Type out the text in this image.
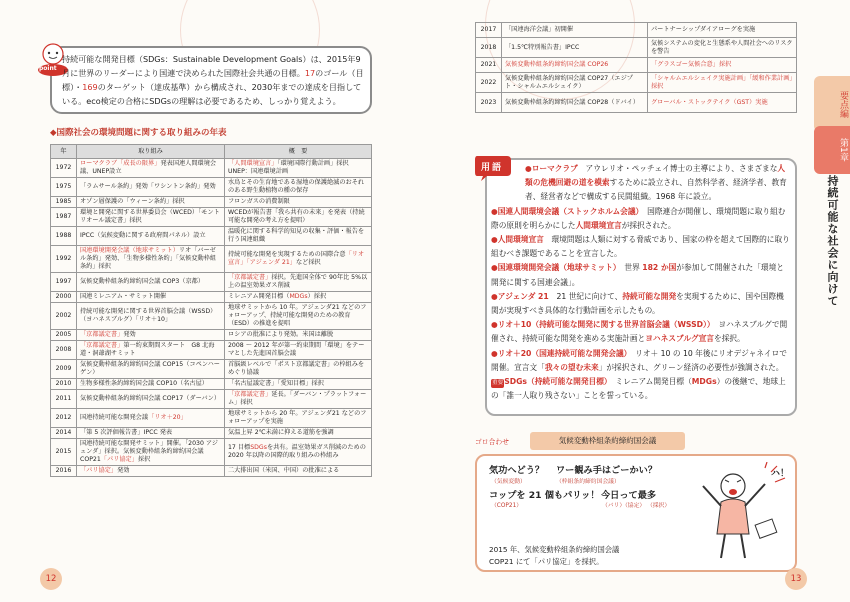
point
持続可能な開発目標（SDGs：Sustainable Development Goals）は、2015年9月に世界のリーダーにより国連で決められた国際社会共通の目標。17のゴール（目標）・169のターゲット（達成基準）から構成され、2030年までの達成を目指している。eco検定の合格にSDGsの理解は必要であるため、しっかり覚えよう。
◆国際社会の環境問題に関する取り組みの年表
年	取り組み	概　要
1972	ローマクラブ「成長の限界」発表国連人間環境会議、UNEP設立	「人間環境宣言」「環境国際行動計画」採択　UNEP：国連環境計画
1975	「ラムサール条約」発効「ワシントン条約」発効	水鳥とその生育地である湿地の保護絶滅のおそれのある野生動植物の種の保存
1985	オゾン層保護の「ウィーン条約」採択	フロンガスの消費制限
1987	環境と開発に関する世界委員会（WCED）「モントリオール議定書」採択	WCEDが報告書「我ら共有の未来」を発表（持続可能な開発の考え方を提唱）
1988	IPCC（気候変動に関する政府間パネル）設立	温暖化に関する科学的知見の収集・評価・報告を行う国連組織
1992	国連環境開発会議（地球サミット）リオ「バーゼル条約」発効、「生物多様性条約」「気候変動枠組条約」採択	持続可能な開発を実現するための国際合意「リオ宣言」「アジェンダ 21」など採択
1997	気候変動枠組条約締約国会議 COP3（京都）	「京都議定書」採択。先進国全体で 90年比 5%以上の温室効果ガス削減
2000	国連ミレニアム・サミット開催	ミレニアム開発目標（MDGs）採択
2002	持続可能な開発に関する世界首脳会議（WSSD）（ヨハネスブルグ）「リオ＋10」	地球サミットから 10 年。アジェンダ21 などのフォローアップ、持続可能な開発のための教育（ESD）の推進を提唱
2005	「京都議定書」発効	ロシアの批准により発効。米国は離脱
2008	「京都議定書」第一約束期間スタート　G8 北海道・洞爺湖サミット	2008 ～ 2012 年が第一約束期間「環境」をテーマとした先進国首脳会議
2009	気候変動枠組条約締約国会議 COP15（コペンハーゲン）	首脳級レベルで「ポスト京都議定書」の枠組みをめぐり協議
2010	生物多様性条約締約国会議 COP10（名古屋）	「名古屋議定書」「愛知目標」採択
2011	気候変動枠組条約締約国会議 COP17（ダーバン）	「京都議定書」延長。「ダーバン・プラットフォーム」採択
2012	国連持続可能な開発会議「リオ＋20」	地球サミットから 20 年。アジェンダ21 などのフォローアップを実施
2014	「第 5 次評価報告書」IPCC 発表	気温上昇 2℃未満に抑える道筋を強調
2015	国連持続可能な開発サミット」開催。「2030 アジェンダ」採択。気候変動枠組条約締約国会議 COP21「パリ協定」採択	17 目標SDGsを共有。温室効果ガス削減のための 2020 年以降の国際的取り組みの枠組み
2016	「パリ協定」発効	二大排出国（米国、中国）の批准による
12
2017	「国連海洋会議」初開催	パートナーシップダイアローグを実施
2018	「1.5℃特別報告書」IPCC	気候システムの変化と生態系や人間社会へのリスクを警告
2021	気候変動枠組条約締約国会議 COP26	「グラスゴー気候合意」採択
2022	気候変動枠組条約締約国会議 COP27（エジプト・シャルムエルシェイク）	「シャルムエルシェイク実施計画」「緩和作業計画」採択
2023	気候変動枠組条約締約国会議 COP28（ドバイ）	グローバル・ストックテイク（GST）実施
用語	●ローマクラブ　アウレリオ・ペッチェイ博士の主導により、さまざまな人類の危機回避の道を模索するために設立され、自然科学者、経済学者、教育者、経営者などで構成する民間組織。1968 年に設立。
●国連人間環境会議（ストックホルム会議）　国際連合が開催し、環境問題に取り組む際の原則を明らかにした人間環境宣言が採択された。
●人間環境宣言　環境問題は人類に対する脅威であり、国家の枠を超えて国際的に取り組むべき課題であることを宣言した。
●国連環境開発会議（地球サミット）　世界 182 か国が参加して開催された「環境と開発に関する国連会議」。
●アジェンダ 21　21 世紀に向けて、持続可能な開発を実現するために、国や国際機関が実現すべき具体的な行動計画を示したもの。
●リオ＋10（持続可能な開発に関する世界首脳会議（WSSD））　ヨハネスブルグで開催され、持続可能な開発を進める実施計画とヨハネスブルグ宣言を採択。
●リオ＋20（国連持続可能な開発会議）　リオ＋ 10 の 10 年後にリオデジャネイロで開催。宣言文「我々の望む未来」が採択され、グリーン経済の必要性が強調された。
重要SDGs（持続可能な開発目標）　ミレニアム開発目標（MDGs）の後継で、地球上の「誰一人取り残さない」ことを誓っている。
ゴロ合わせ	気候変動枠組条約締約国会議
気功へどう？ ワー観み手はごーかい？
（気候変動）	（枠組条約締約国会議）
コップを 21 個もパリッ！ 今日って最多
（COP21）	（パリ）
（協定） （採択）
2015 年、気候変動枠組条約締約国会議
COP21 にて「パリ協定」を採択。
ハ！
13
要点編
第1章
持続可能な社会に向けて
